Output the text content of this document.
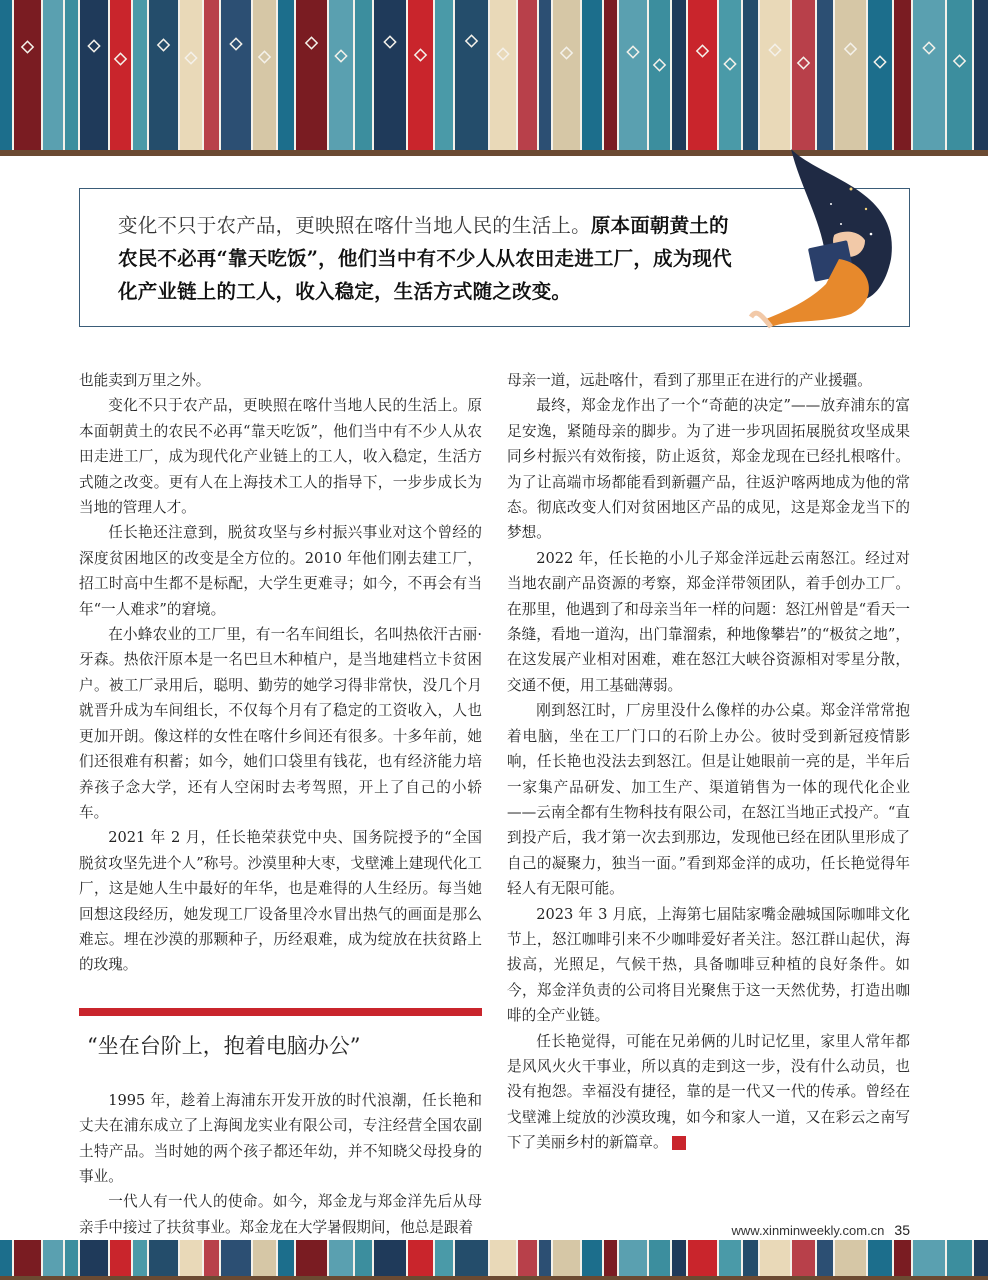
变化不只于农产品，更映照在喀什当地人民的生活上。原本面朝黄土的农民不必再“靠天吃饭”，他们当中有不少人从农田走进工厂，成为现代化产业链上的工人，收入稳定，生活方式随之改变。

也能卖到万里之外。

变化不只于农产品，更映照在喀什当地人民的生活上。原本面朝黄土的农民不必再“靠天吃饭”，他们当中有不少人从农田走进工厂，成为现代化产业链上的工人，收入稳定，生活方式随之改变。更有人在上海技术工人的指导下，一步步成长为当地的管理人才。

任长艳还注意到，脱贫攻坚与乡村振兴事业对这个曾经的深度贫困地区的改变是全方位的。2010 年他们刚去建工厂，招工时高中生都不是标配，大学生更难寻；如今，不再会有当年“一人难求”的窘境。

在小蜂农业的工厂里，有一名车间组长，名叫热依汗古丽·牙森。热依汗原本是一名巴旦木种植户，是当地建档立卡贫困户。被工厂录用后，聪明、勤劳的她学习得非常快，没几个月就晋升成为车间组长，不仅每个月有了稳定的工资收入，人也更加开朗。像这样的女性在喀什乡间还有很多。十多年前，她们还很难有积蓄；如今，她们口袋里有钱花，也有经济能力培养孩子念大学，还有人空闲时去考驾照，开上了自己的小轿车。

2021 年 2 月，任长艳荣获党中央、国务院授予的“全国脱贫攻坚先进个人”称号。沙漠里种大枣，戈壁滩上建现代化工厂，这是她人生中最好的年华，也是难得的人生经历。每当她回想这段经历，她发现工厂设备里冷水冒出热气的画面是那么难忘。埋在沙漠的那颗种子，历经艰难，成为绽放在扶贫路上的玫瑰。

“坐在台阶上，抱着电脑办公”

1995 年，趁着上海浦东开发开放的时代浪潮，任长艳和丈夫在浦东成立了上海闽龙实业有限公司，专注经营全国农副土特产品。当时她的两个孩子都还年幼，并不知晓父母投身的事业。

一代人有一代人的使命。如今，郑金龙与郑金洋先后从母亲手中接过了扶贫事业。郑金龙在大学暑假期间，他总是跟着

母亲一道，远赴喀什，看到了那里正在进行的产业援疆。

最终，郑金龙作出了一个“奇葩的决定”——放弃浦东的富足安逸，紧随母亲的脚步。为了进一步巩固拓展脱贫攻坚成果同乡村振兴有效衔接，防止返贫，郑金龙现在已经扎根喀什。为了让高端市场都能看到新疆产品，往返沪喀两地成为他的常态。彻底改变人们对贫困地区产品的成见，这是郑金龙当下的梦想。

2022 年，任长艳的小儿子郑金洋远赴云南怒江。经过对当地农副产品资源的考察，郑金洋带领团队，着手创办工厂。在那里，他遇到了和母亲当年一样的问题：怒江州曾是“看天一条缝，看地一道沟，出门靠溜索，种地像攀岩”的“极贫之地”，在这发展产业相对困难，难在怒江大峡谷资源相对零星分散，交通不便，用工基础薄弱。

刚到怒江时，厂房里没什么像样的办公桌。郑金洋常常抱着电脑，坐在工厂门口的石阶上办公。彼时受到新冠疫情影响，任长艳也没法去到怒江。但是让她眼前一亮的是，半年后一家集产品研发、加工生产、渠道销售为一体的现代化企业——云南全都有生物科技有限公司，在怒江当地正式投产。“直到投产后，我才第一次去到那边，发现他已经在团队里形成了自己的凝聚力，独当一面。”看到郑金洋的成功，任长艳觉得年轻人有无限可能。

2023 年 3 月底，上海第七届陆家嘴金融城国际咖啡文化节上，怒江咖啡引来不少咖啡爱好者关注。怒江群山起伏，海拔高，光照足，气候干热，具备咖啡豆种植的良好条件。如今，郑金洋负责的公司将目光聚焦于这一天然优势，打造出咖啡的全产业链。

任长艳觉得，可能在兄弟俩的儿时记忆里，家里人常年都是风风火火干事业，所以真的走到这一步，没有什么动员，也没有抱怨。幸福没有捷径，靠的是一代又一代的传承。曾经在戈壁滩上绽放的沙漠玫瑰，如今和家人一道，又在彩云之南写下了美丽乡村的新篇章。	民

www.xinminweekly.com.cn 35
